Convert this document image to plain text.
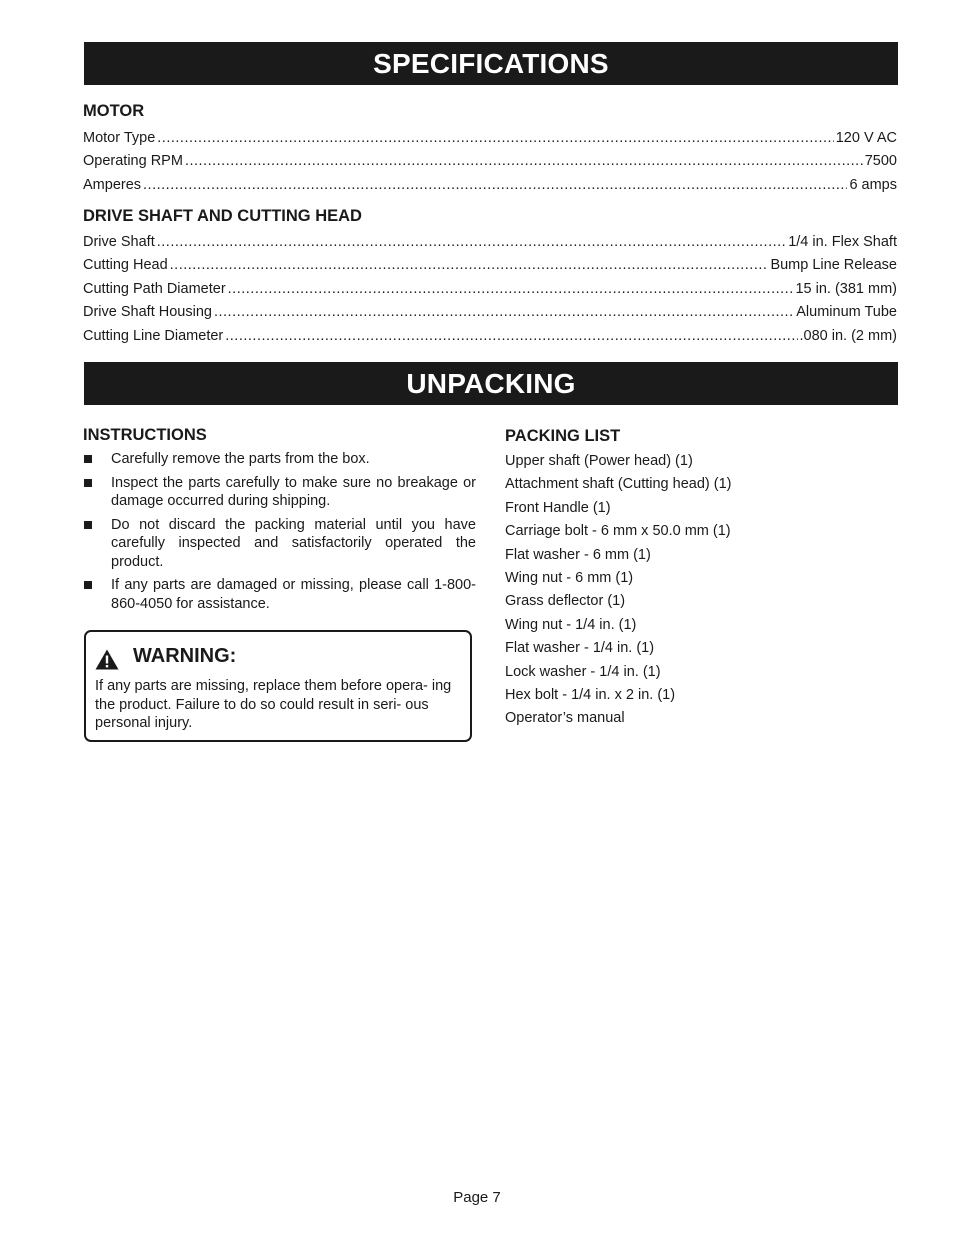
SPECIFICATIONS
MOTOR
Motor Type .....	120 V AC
Operating RPM .....	7500
Amperes .....	6 amps
DRIVE SHAFT AND CUTTING HEAD
Drive Shaft .....	1/4 in. Flex Shaft
Cutting Head .....	Bump Line Release
Cutting Path Diameter .....	15 in. (381 mm)
Drive Shaft Housing .....	Aluminum Tube
Cutting Line Diameter .....	.080 in. (2 mm)
UNPACKING
INSTRUCTIONS
Carefully remove the parts from the box.
Inspect the parts carefully to make sure no breakage or damage occurred during shipping.
Do not discard the packing material until you have carefully inspected and satisfactorily operated the product.
If any parts are damaged or missing, please call 1-800-860-4050 for assistance.
WARNING:
If any parts are missing, replace them before opera- ing the product. Failure to do so could result in seri- ous personal injury.
PACKING LIST
Upper shaft (Power head) (1)
Attachment shaft (Cutting head) (1)
Front Handle (1)
Carriage bolt - 6 mm x 50.0 mm (1)
Flat washer - 6 mm (1)
Wing nut - 6 mm (1)
Grass deflector (1)
Wing nut - 1/4 in. (1)
Flat washer - 1/4 in. (1)
Lock washer - 1/4 in. (1)
Hex bolt - 1/4 in. x 2 in. (1)
Operator’s manual
Page 7
